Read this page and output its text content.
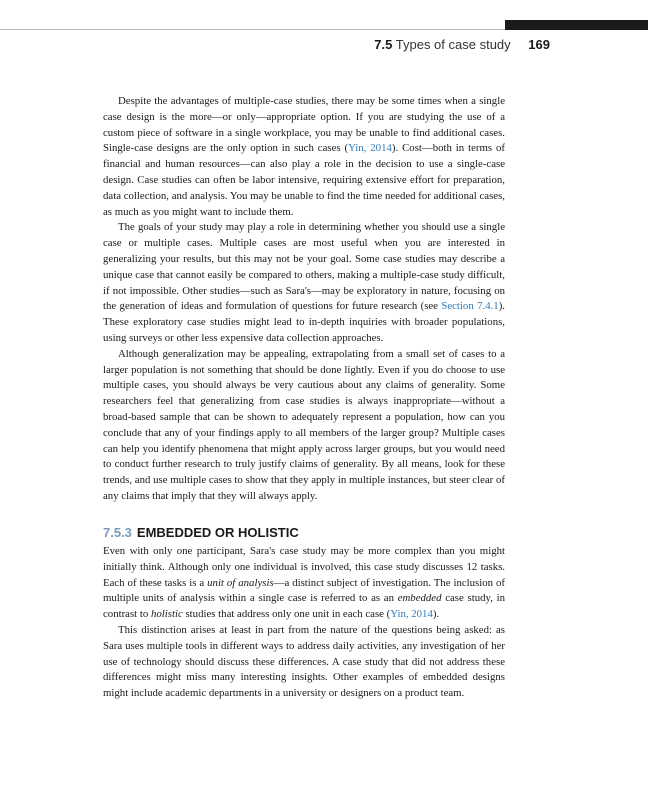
7.5 Types of case study 169

Despite the advantages of multiple-case studies, there may be some times when a single case design is the more—or only—appropriate option. If you are studying the use of a custom piece of software in a single workplace, you may be unable to find additional cases. Single-case designs are the only option in such cases (Yin, 2014). Cost—both in terms of financial and human resources—can also play a role in the decision to use a single-case design. Case studies can often be labor intensive, requiring extensive effort for preparation, data collection, and analysis. You may be unable to find the time needed for additional cases, as much as you might want to include them.

The goals of your study may play a role in determining whether you should use a single case or multiple cases. Multiple cases are most useful when you are interested in generalizing your results, but this may not be your goal. Some case studies may describe a unique case that cannot easily be compared to others, making a multiple-case study difficult, if not impossible. Other studies—such as Sara's—may be exploratory in nature, focusing on the generation of ideas and formulation of questions for future research (see Section 7.4.1). These exploratory case studies might lead to in-depth inquiries with broader populations, using surveys or other less expensive data collection approaches.

Although generalization may be appealing, extrapolating from a small set of cases to a larger population is not something that should be done lightly. Even if you do choose to use multiple cases, you should always be very cautious about any claims of generality. Some researchers feel that generalizing from case studies is always inappropriate—without a broad-based sample that can be shown to adequately represent a population, how can you conclude that any of your findings apply to all members of the larger group? Multiple cases can help you identify phenomena that might apply across larger groups, but you would need to conduct further research to truly justify claims of generality. By all means, look for these trends, and use multiple cases to show that they apply in multiple instances, but steer clear of any claims that imply that they will always apply.

7.5.3 EMBEDDED OR HOLISTIC

Even with only one participant, Sara's case study may be more complex than you might initially think. Although only one individual is involved, this case study discusses 12 tasks. Each of these tasks is a unit of analysis—a distinct subject of investigation. The inclusion of multiple units of analysis within a single case is referred to as an embedded case study, in contrast to holistic studies that address only one unit in each case (Yin, 2014).

This distinction arises at least in part from the nature of the questions being asked: as Sara uses multiple tools in different ways to address daily activities, any investigation of her use of technology should discuss these differences. A case study that did not address these differences might miss many interesting insights. Other examples of embedded designs might include academic departments in a university or designers on a product team.
